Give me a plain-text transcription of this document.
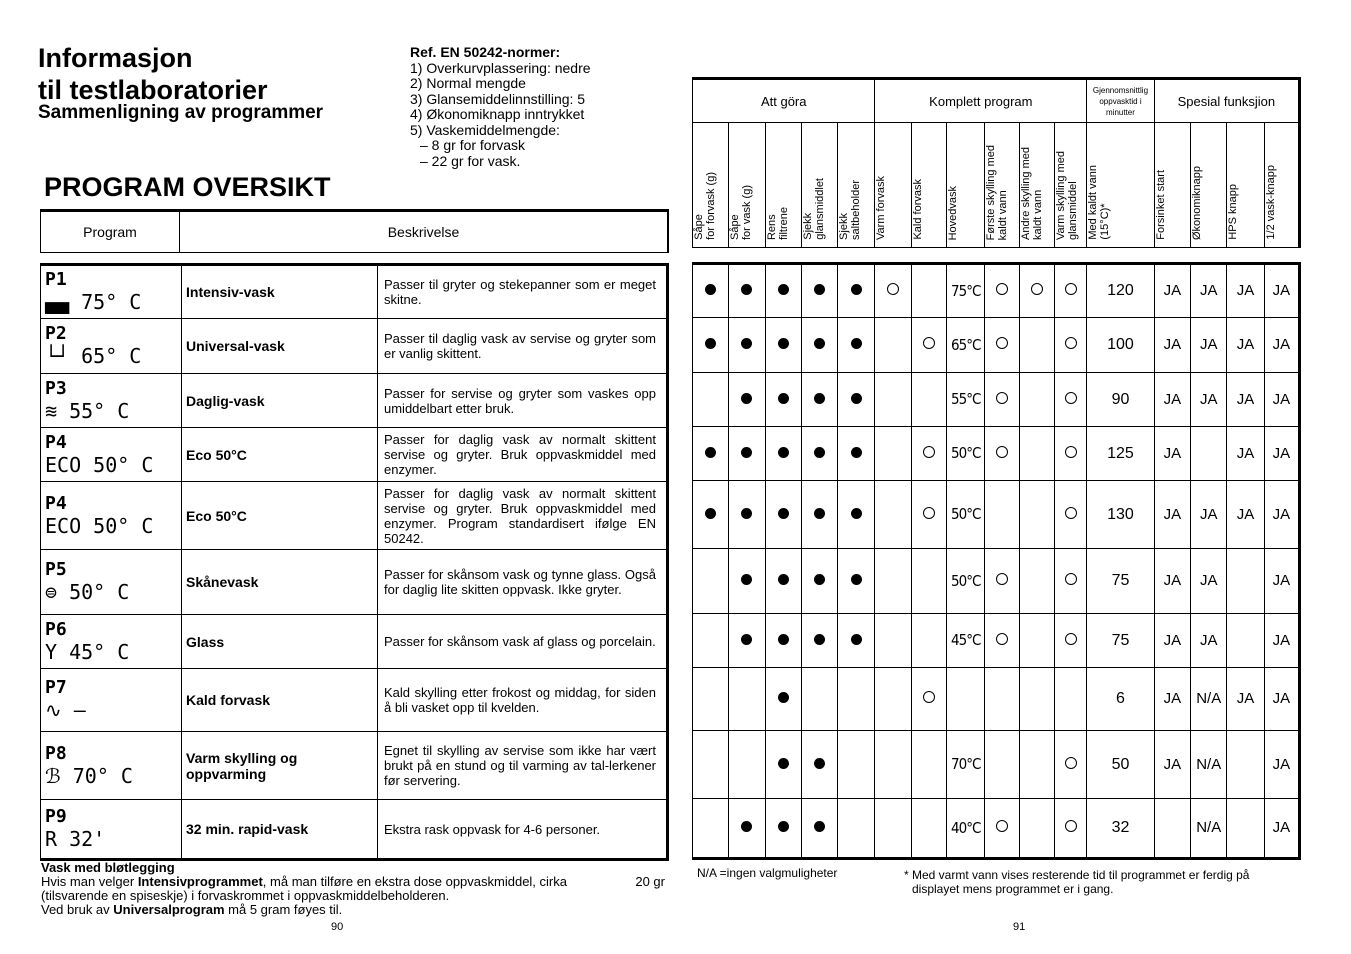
Informasjon
til testlaboratorier
Sammenligning av programmer
Ref. EN 50242-normer:
1) Overkurvplassering: nedre
2) Normal mengde
3) Glansemiddelinnstilling: 5
4) Økonomiknapp inntrykket
5) Vaskemiddelmengde:
– 8 gr for forvask
– 22 gr for vask.
PROGRAM OVERSIKT
Program	Beskrivelse
P1
▄▄ 75° C	Intensiv-vask	Passer til gryter og stekepanner som er meget skitne.

P2
└┘ 65° C	Universal-vask	Passer til daglig vask av servise og gryter som er vanlig skittent.

P3
≋ 55° C	Daglig-vask	Passer for servise og gryter som vaskes opp umiddelbart etter bruk.

P4
ECO 50° C	Eco 50°C	Passer for daglig vask av normalt skittent servise og gryter. Bruk oppvaskmiddel med enzymer.

P4
ECO 50° C	Eco 50°C	Passer for daglig vask av normalt skittent servise og gryter. Bruk oppvaskmiddel med enzymer. Program standardisert ifølge EN 50242.

P5
⊜ 50° C	Skånevask	Passer for skånsom vask og tynne glass. Også for daglig lite skitten oppvask. Ikke gryter.

P6
Y 45° C	Glass	Passer for skånsom vask af glass og porcelain.

P7
∿ —	Kald forvask	Kald skylling etter frokost og middag, for siden å bli vasket opp til kvelden.

P8
ℬ 70° C	Varm skylling og oppvarming	Egnet til skylling av servise som ikke har vært brukt på en stund og til varming av tal-lerkener før servering.

P9
R 32'	32 min. rapid-vask	Ekstra rask oppvask for 4-6 personer.
Vask med bløtlegging
Hvis man velger Intensivprogrammet, må man tilføre en ekstra dose oppvaskmiddel, cirka	20 gr
(tilsvarende en spiseskje) i forvaskrommet i oppvaskmiddelbeholderen.
Ved bruk av Universalprogram må 5 gram føyes til.
90
Att göra					Komplett program						Gjennomsnittlig oppvasktid i minutter	Spesial funksjion			
Såpe
for forvask (g)	Såpe
for vask (g)	Rens
filtrene	Sjekk
glansmiddlet	Sjekk
saltbeholder	Varm forvask	Kald forvask	Hovedvask	Første skylling med
kaldt vann	Andre skylling med
kaldt vann	Varm skylling med
glansmiddel	Med kaldt vann
(15°C)*	Forsinket start	Økonomiknapp	HPS knapp	1/2 vask-knapp
							75°C				120	JA	JA	JA	JA
							65°C				100	JA	JA	JA	JA
							55°C				90	JA	JA	JA	JA
							50°C				125	JA		JA	JA
							50°C				130	JA	JA	JA	JA
							50°C				75	JA	JA		JA
							45°C				75	JA	JA		JA
											6	JA	N/A	JA	JA
							70°C				50	JA	N/A		JA
							40°C				32		N/A		JA
N/A =ingen valgmuligheter	* Med varmt vann vises resterende tid til programmet er ferdig på
displayet mens programmet er i gang.
91
